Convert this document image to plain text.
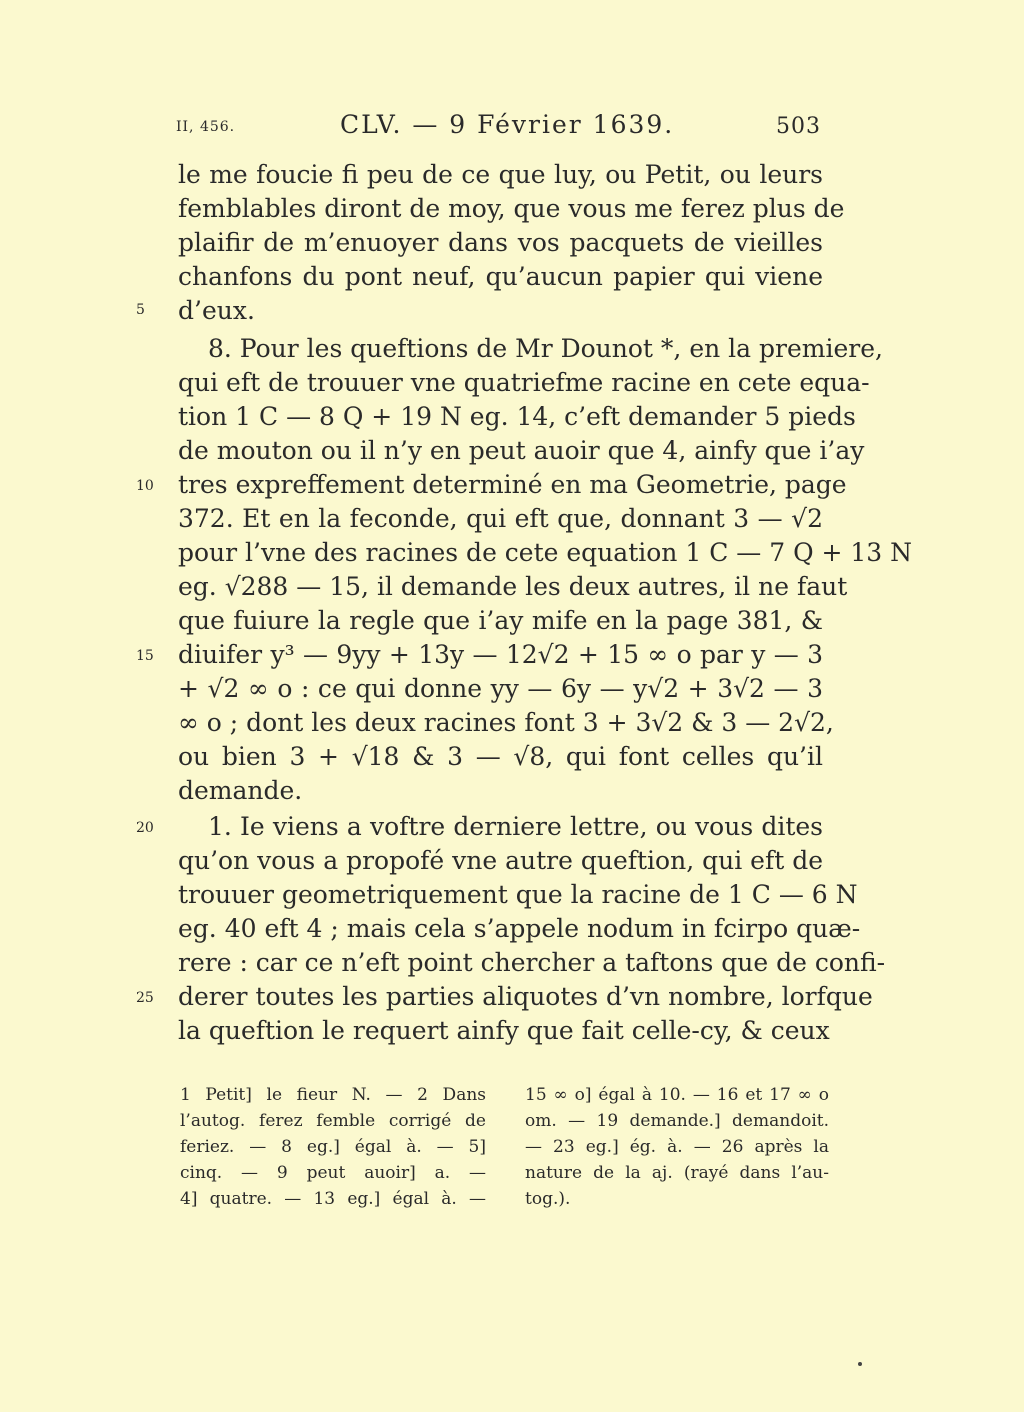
II, 456.	CLV. — 9 Février 1639.	503
le me foucie fi peu de ce que luy, ou Petit, ou leurs
femblables diront de moy, que vous me ferez plus de
plaifir de m’enuoyer dans vos pacquets de vieilles
chanfons du pont neuf, qu’aucun papier qui viene
d’eux.
8. Pour les queftions de Mr Dounot *, en la premiere,
qui eft de trouuer vne quatriefme racine en cete equa-
tion 1 C — 8 Q + 19 N eg. 14, c’eft demander 5 pieds
de mouton ou il n’y en peut auoir que 4, ainfy que i’ay
tres expreffement determiné en ma Geometrie, page
372. Et en la feconde, qui eft que, donnant 3 — √2
pour l’vne des racines de cete equation 1 C — 7 Q + 13 N
eg. √288 — 15, il demande les deux autres, il ne faut
que fuiure la regle que i’ay mife en la page 381, &
diuifer y³ — 9yy + 13y — 12√2 + 15 ∞ o par y — 3
+ √2 ∞ o : ce qui donne yy — 6y — y√2 + 3√2 — 3
∞ o ; dont les deux racines font 3 + 3√2 & 3 — 2√2,
ou bien 3 + √18 & 3 — √8, qui font celles qu’il
demande.
1. Ie viens a voftre derniere lettre, ou vous dites
qu’on vous a propofé vne autre queftion, qui eft de
trouuer geometriquement que la racine de 1 C — 6 N
eg. 40 eft 4 ; mais cela s’appele nodum in fcirpo quæ-
rere : car ce n’eft point chercher a taftons que de confi-
derer toutes les parties aliquotes d’vn nombre, lorfque
la queftion le requert ainfy que fait celle-cy, & ceux
5
10
15
20
25
1 Petit] le fieur N. — 2 Dans
l’autog. ferez femble corrigé de
feriez. — 8 eg.] égal à. — 5]
cinq. — 9 peut auoir] a. —
4] quatre. — 13 eg.] égal à. —
15 ∞ o] égal à 10. — 16 et 17 ∞ o
om. — 19 demande.] demandoit.
— 23 eg.] ég. à. — 26 après la
nature de la aj. (rayé dans l’au-
tog.).
